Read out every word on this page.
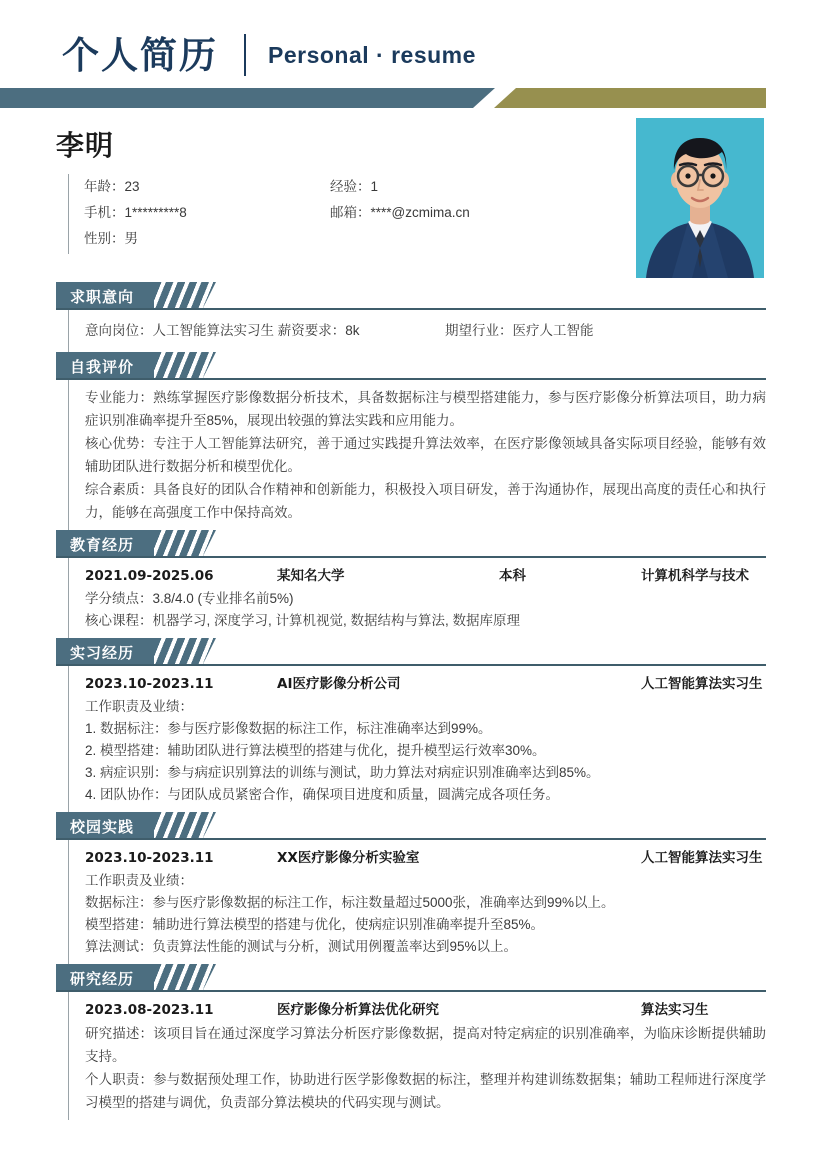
个人简历 Personal · resume
李明
年龄： 23	经验： 1
手机： 1*********8	邮箱： ****@zcmima.cn
性别： 男
求职意向
意向岗位：人工智能算法实习生 薪资要求：8k	期望行业：医疗人工智能
自我评价
专业能力：熟练掌握医疗影像数据分析技术，具备数据标注与模型搭建能力，参与医疗影像分析算法项目，助力病症识别准确率提升至85%，展现出较强的算法实践和应用能力。
核心优势：专注于人工智能算法研究，善于通过实践提升算法效率，在医疗影像领域具备实际项目经验，能够有效辅助团队进行数据分析和模型优化。
综合素质：具备良好的团队合作精神和创新能力，积极投入项目研发，善于沟通协作，展现出高度的责任心和执行力，能够在高强度工作中保持高效。
教育经历
2021.09-2025.06	某知名大学	本科	计算机科学与技术
学分绩点：3.8/4.0 (专业排名前5%)
核心课程：机器学习, 深度学习, 计算机视觉, 数据结构与算法, 数据库原理
实习经历
2023.10-2023.11	AI医疗影像分析公司	人工智能算法实习生
工作职责及业绩：
1. 数据标注：参与医疗影像数据的标注工作，标注准确率达到99%。
2. 模型搭建：辅助团队进行算法模型的搭建与优化，提升模型运行效率30%。
3. 病症识别：参与病症识别算法的训练与测试，助力算法对病症识别准确率达到85%。
4. 团队协作：与团队成员紧密合作，确保项目进度和质量，圆满完成各项任务。
校园实践
2023.10-2023.11	XX医疗影像分析实验室	人工智能算法实习生
工作职责及业绩：
数据标注：参与医疗影像数据的标注工作，标注数量超过5000张，准确率达到99%以上。
模型搭建：辅助进行算法模型的搭建与优化，使病症识别准确率提升至85%。
算法测试：负责算法性能的测试与分析，测试用例覆盖率达到95%以上。
研究经历
2023.08-2023.11	医疗影像分析算法优化研究	算法实习生
研究描述：该项目旨在通过深度学习算法分析医疗影像数据，提高对特定病症的识别准确率，为临床诊断提供辅助支持。
个人职责：参与数据预处理工作，协助进行医学影像数据的标注，整理并构建训练数据集；辅助工程师进行深度学习模型的搭建与调优，负责部分算法模块的代码实现与测试。
